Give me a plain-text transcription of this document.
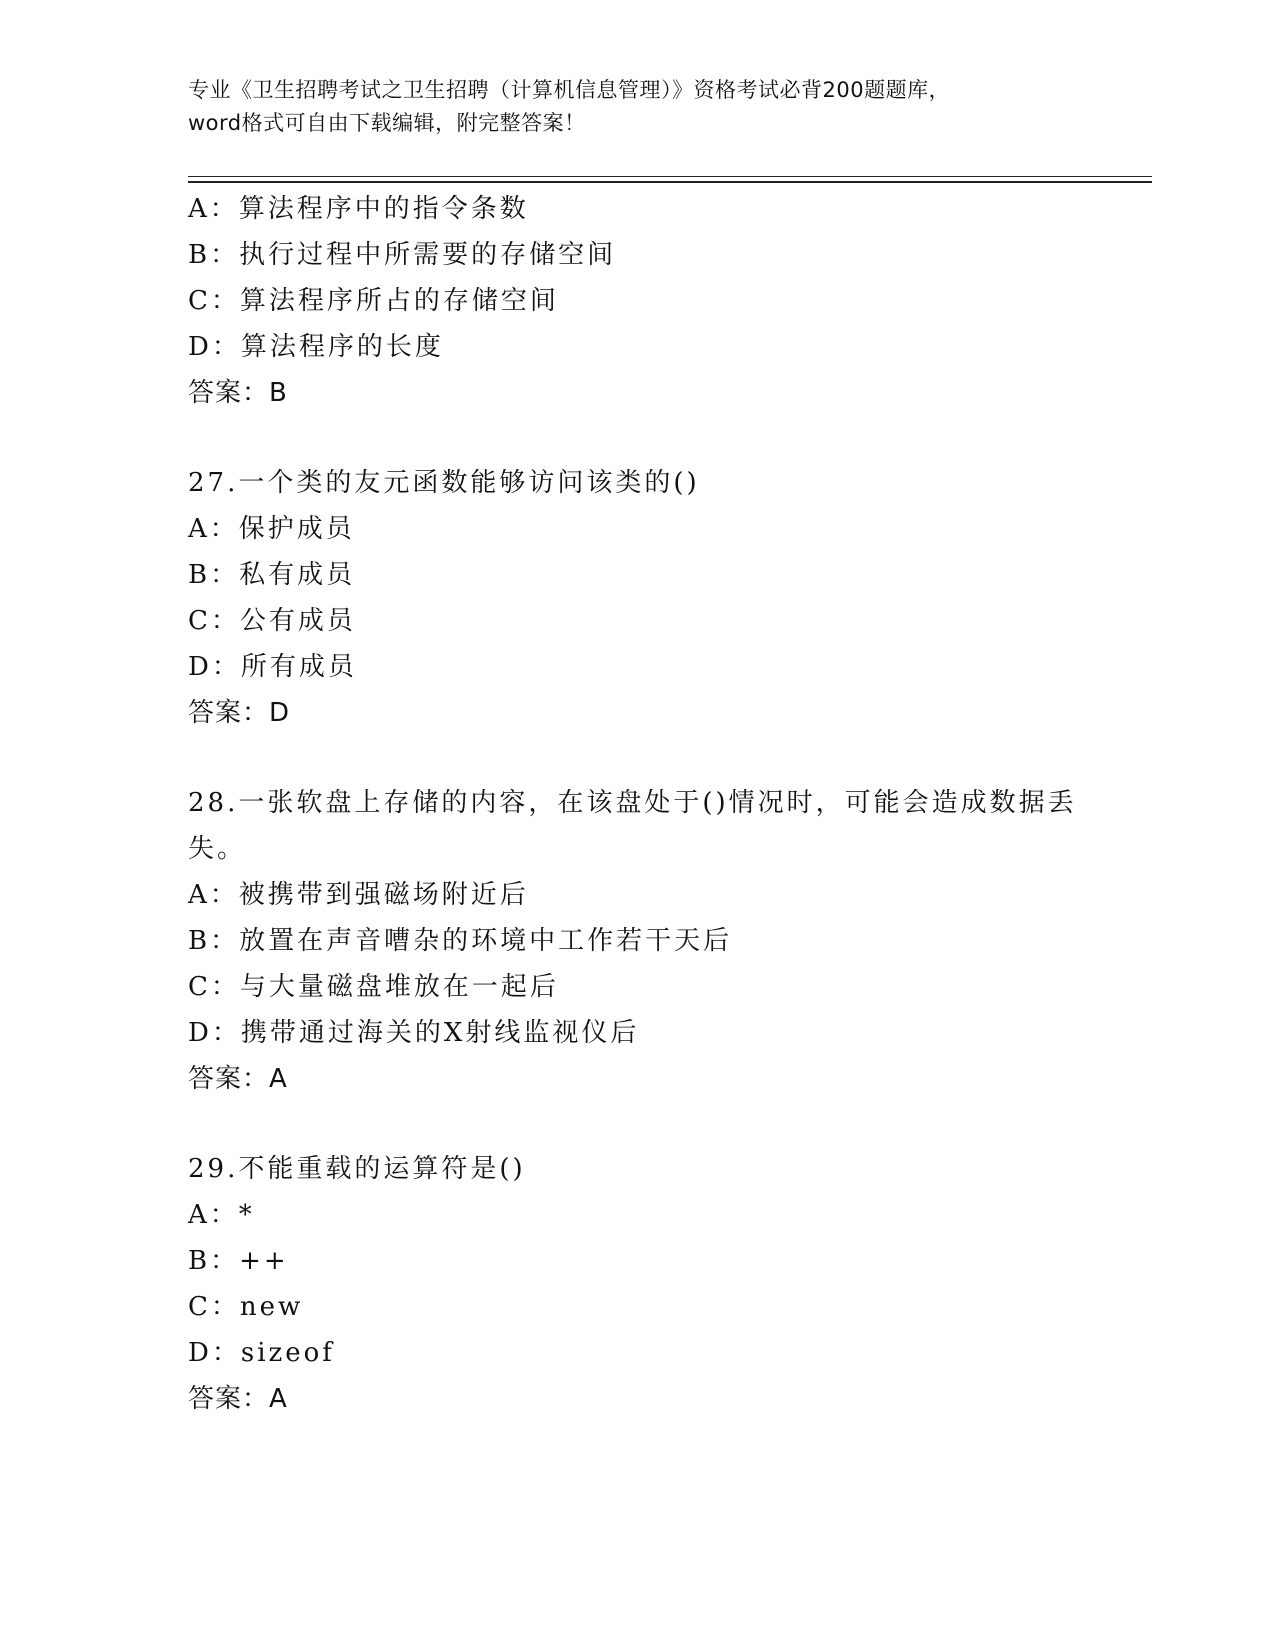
专业《卫生招聘考试之卫生招聘（计算机信息管理）》资格考试必背200题题库，
word格式可自由下载编辑，附完整答案！
A：算法程序中的指令条数
B：执行过程中所需要的存储空间
C：算法程序所占的存储空间
D：算法程序的长度
答案：B
27.一个类的友元函数能够访问该类的()
A：保护成员
B：私有成员
C：公有成员
D：所有成员
答案：D
28.一张软盘上存储的内容，在该盘处于()情况时，可能会造成数据丢
失。
A：被携带到强磁场附近后
B：放置在声音嘈杂的环境中工作若干天后
C：与大量磁盘堆放在一起后
D：携带通过海关的X射线监视仪后
答案：A
29.不能重载的运算符是()
A：*
B：++
C：new
D：sizeof
答案：A
